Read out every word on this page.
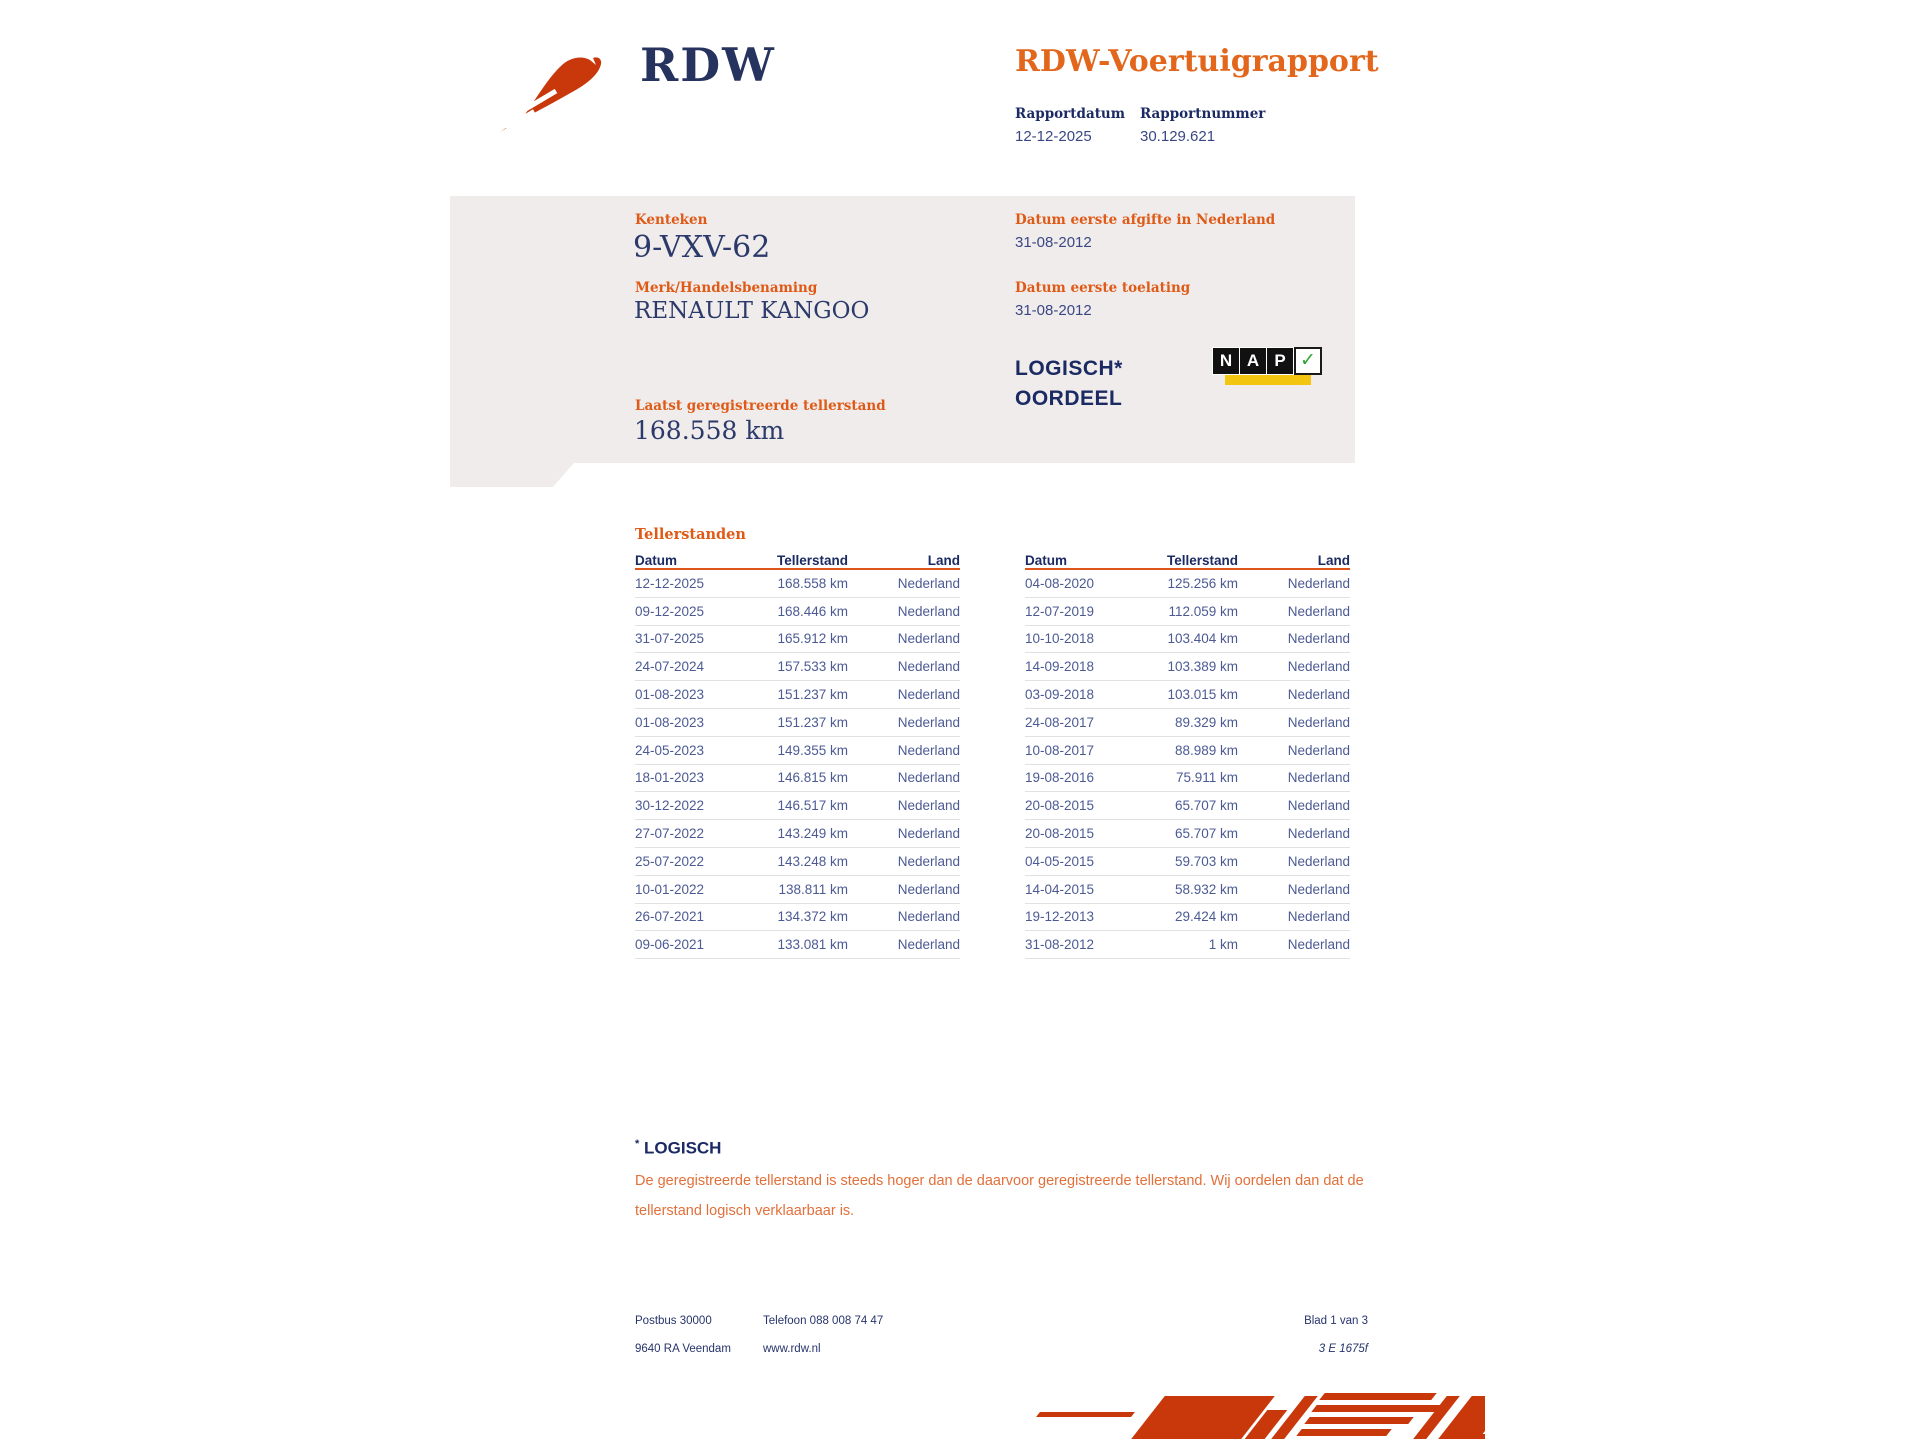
RDW	RDW-Voertuigrapport
Rapportdatum Rapportnummer
12-12-2025	30.129.621
Kenteken
9-VXV-62
Merk/Handelsbenaming
RENAULT KANGOO
Laatst geregistreerde tellerstand
168.558 km
Datum eerste afgifte in Nederland
31-08-2012
Datum eerste toelating
31-08-2012
LOGISCH*
OORDEEL
N A P ✓
Tellerstanden
Datum	Tellerstand	Land
12-12-2025	168.558 km	Nederland
09-12-2025	168.446 km	Nederland
31-07-2025	165.912 km	Nederland
24-07-2024	157.533 km	Nederland
01-08-2023	151.237 km	Nederland
01-08-2023	151.237 km	Nederland
24-05-2023	149.355 km	Nederland
18-01-2023	146.815 km	Nederland
30-12-2022	146.517 km	Nederland
27-07-2022	143.249 km	Nederland
25-07-2022	143.248 km	Nederland
10-01-2022	138.811 km	Nederland
26-07-2021	134.372 km	Nederland
09-06-2021	133.081 km	Nederland
Datum	Tellerstand	Land
04-08-2020	125.256 km	Nederland
12-07-2019	112.059 km	Nederland
10-10-2018	103.404 km	Nederland
14-09-2018	103.389 km	Nederland
03-09-2018	103.015 km	Nederland
24-08-2017	89.329 km	Nederland
10-08-2017	88.989 km	Nederland
19-08-2016	75.911 km	Nederland
20-08-2015	65.707 km	Nederland
20-08-2015	65.707 km	Nederland
04-05-2015	59.703 km	Nederland
14-04-2015	58.932 km	Nederland
19-12-2013	29.424 km	Nederland
31-08-2012	1 km	Nederland
* LOGISCH
De geregistreerde tellerstand is steeds hoger dan de daarvoor geregistreerde tellerstand. Wij oordelen dan dat de tellerstand logisch verklaarbaar is.
Postbus 30000
9640 RA Veendam
Telefoon 088 008 74 47
www.rdw.nl
Blad 1 van 3
3 E 1675f
